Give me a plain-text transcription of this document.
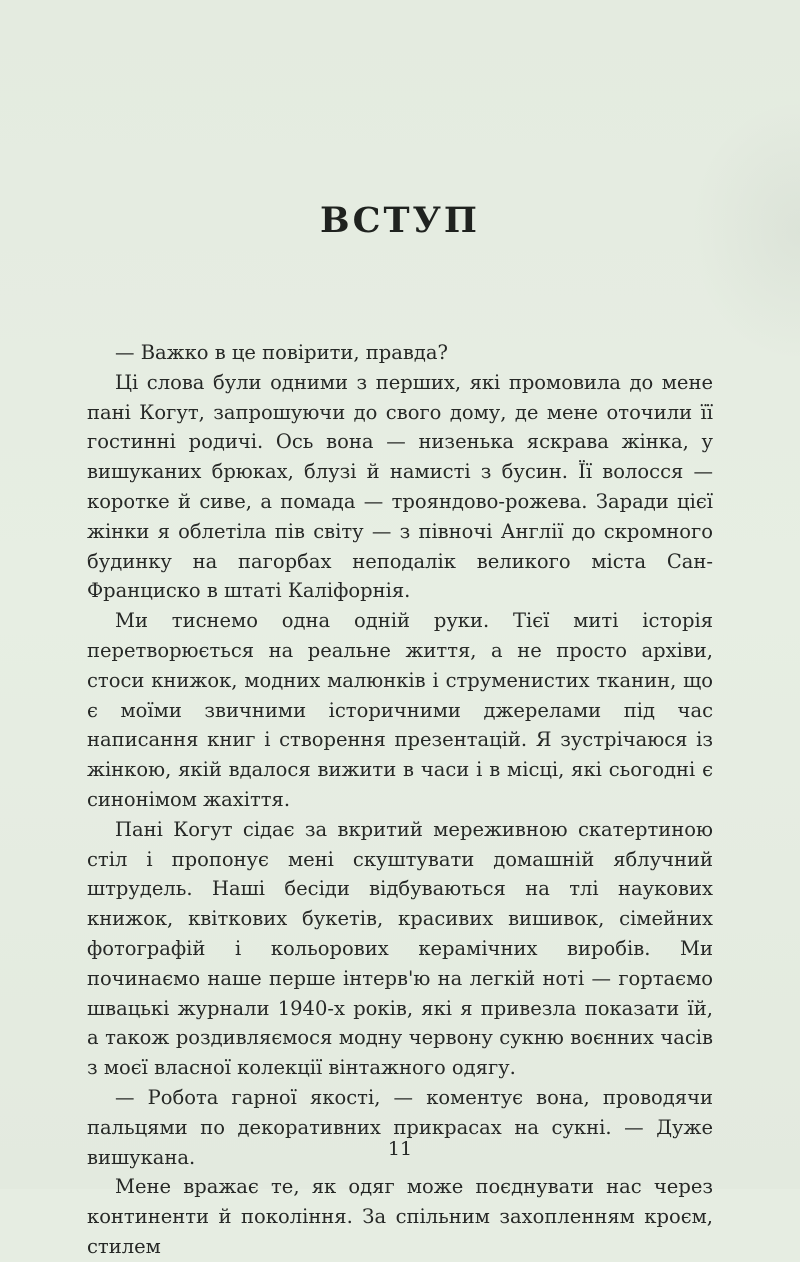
ВСТУП

— Важко в це повірити, правда?

Ці слова були одними з перших, які промовила до мене пані Когут, запрошуючи до свого дому, де мене оточили її гостинні родичі. Ось вона — низенька яскрава жінка, у вишуканих брюках, блузі й намисті з бусин. Її волосся — коротке й сиве, а помада — трояндово-рожева. Заради цієї жінки я облетіла пів світу — з півночі Англії до скромного будинку на пагорбах неподалік великого міста Сан-Франциско в штаті Каліфорнія.

Ми тиснемо одна одній руки. Тієї миті історія перетворюється на реальне життя, а не просто архіви, стоси книжок, модних малюнків і струменистих тканин, що є моїми звичними історичними джерелами під час написання книг і створення презентацій. Я зустрічаюся із жінкою, якій вдалося вижити в часи і в місці, які сьогодні є синонімом жахіття.

Пані Когут сідає за вкритий мереживною скатертиною стіл і пропонує мені скуштувати домашній яблучний штрудель. Наші бесіди відбуваються на тлі наукових книжок, квіткових букетів, красивих вишивок, сімейних фотографій і кольорових керамічних виробів. Ми починаємо наше перше інтерв'ю на легкій ноті — гортаємо швацькі журнали 1940-х років, які я привезла показати їй, а також роздивляємося модну червону сукню воєнних часів з моєї власної колекції вінтажного одягу.

— Робота гарної якості, — коментує вона, проводячи пальцями по декоративних прикрасах на сукні. — Дуже вишукана.

Мене вражає те, як одяг може поєднувати нас через континенти й покоління. За спільним захопленням кроєм, стилем

11
